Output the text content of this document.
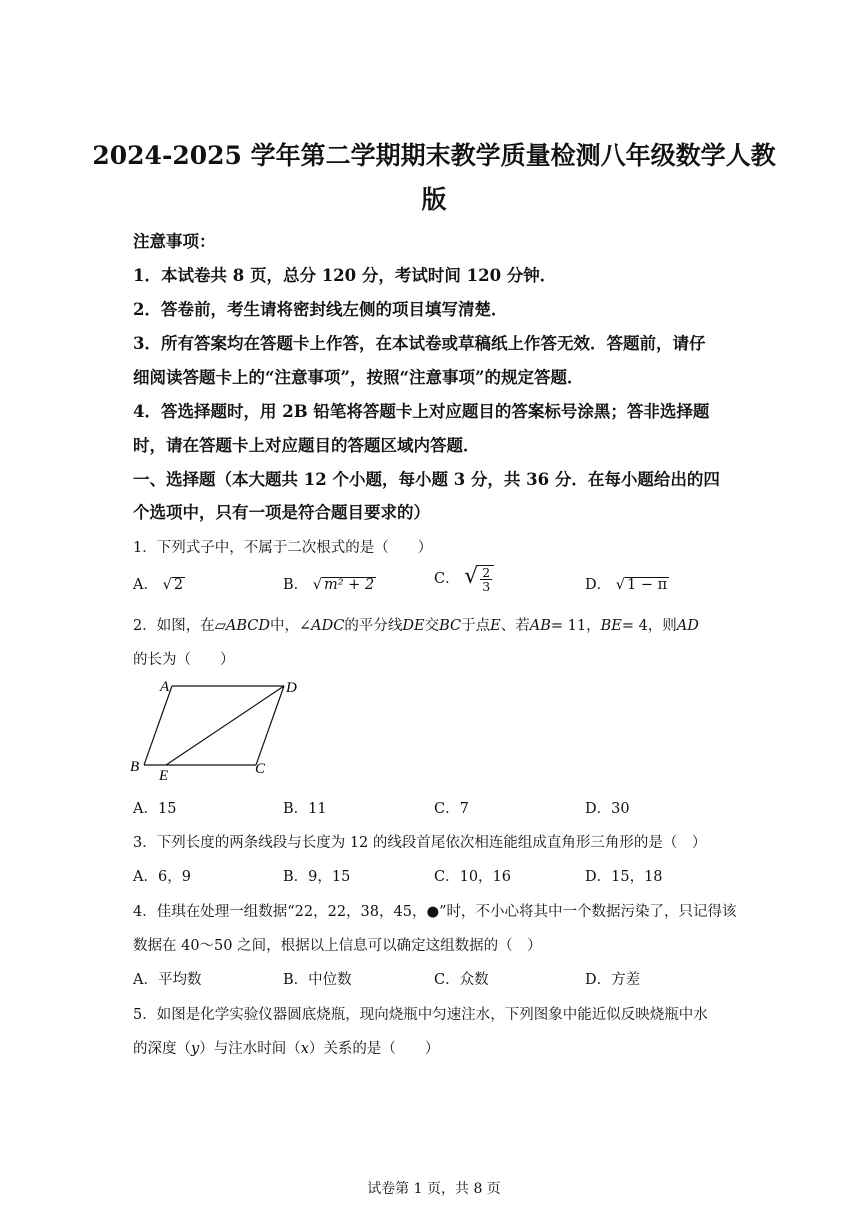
2024-2025 学年第二学期期末教学质量检测八年级数学人教
版
注意事项：
1．本试卷共 8 页，总分 120 分，考试时间 120 分钟．
2．答卷前，考生请将密封线左侧的项目填写清楚．
3．所有答案均在答题卡上作答，在本试卷或草稿纸上作答无效．答题前，请仔
细阅读答题卡上的“注意事项”，按照“注意事项”的规定答题．
4．答选择题时，用 2B 铅笔将答题卡上对应题目的答案标号涂黑；答非选择题
时，请在答题卡上对应题目的答题区域内答题．
一、选择题（本大题共 12 个小题，每小题 3 分，共 36 分．在每小题给出的四
个选项中，只有一项是符合题目要求的）
1．下列式子中，不属于二次根式的是（　　）
A． √ 2	B． √ m² + 2	C． √ $\frac{2}{3}$	D． √ 1 − π
2．如图，在▱ABCD中，∠ADC的平分线DE交BC于点E、若AB= 11，BE= 4，则AD
的长为（　　）
A	D
B
E	C
A．15	B．11	C．7	D．30
3．下列长度的两条线段与长度为 12 的线段首尾依次相连能组成直角形三角形的是（　）
A．6，9	B．9，15	C．10，16	D．15，18
4．佳琪在处理一组数据“22，22，38，45，●”时，不小心将其中一个数据污染了，只记得该
数据在 40～50 之间，根据以上信息可以确定这组数据的（　）
A．平均数	B．中位数	C．众数	D．方差
5．如图是化学实验仪器圆底烧瓶，现向烧瓶中匀速注水，下列图象中能近似反映烧瓶中水
的深度（y）与注水时间（x）关系的是（　　）
试卷第 1 页，共 8 页
